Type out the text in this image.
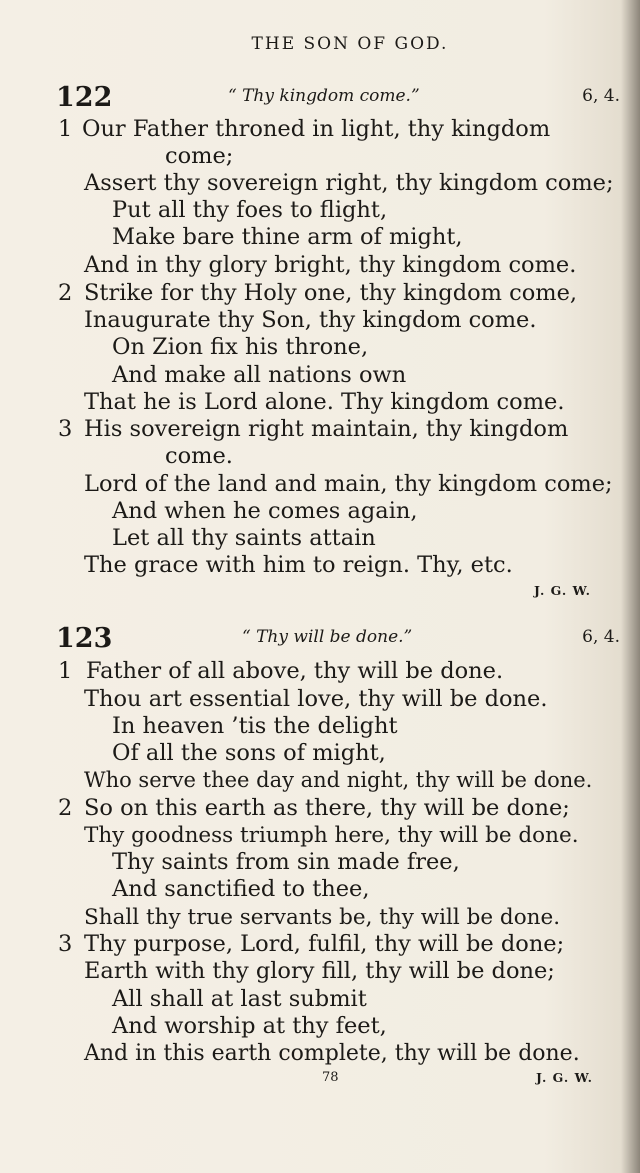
THE SON OF GOD.
122	“ Thy kingdom come.”	6, 4.
1 Our Father throned in light, thy kingdom
come;
Assert thy sovereign right, thy kingdom come;
Put all thy foes to flight,
Make bare thine arm of might,
And in thy glory bright, thy kingdom come.
2 Strike for thy Holy one, thy kingdom come,
Inaugurate thy Son, thy kingdom come.
On Zion fix his throne,
And make all nations own
That he is Lord alone. Thy kingdom come.
3 His sovereign right maintain, thy kingdom
come.
Lord of the land and main, thy kingdom come;
And when he comes again,
Let all thy saints attain
The grace with him to reign. Thy, etc.
J. G. W.
123	“ Thy will be done.”	6, 4.
1 Father of all above, thy will be done.
Thou art essential love, thy will be done.
In heaven ’tis the delight
Of all the sons of might,
Who serve thee day and night, thy will be done.
2 So on this earth as there, thy will be done;
Thy goodness triumph here, thy will be done.
Thy saints from sin made free,
And sanctified to thee,
Shall thy true servants be, thy will be done.
3 Thy purpose, Lord, fulfil, thy will be done;
Earth with thy glory fill, thy will be done;
All shall at last submit
And worship at thy feet,
And in this earth complete, thy will be done.
78	J. G. W.
